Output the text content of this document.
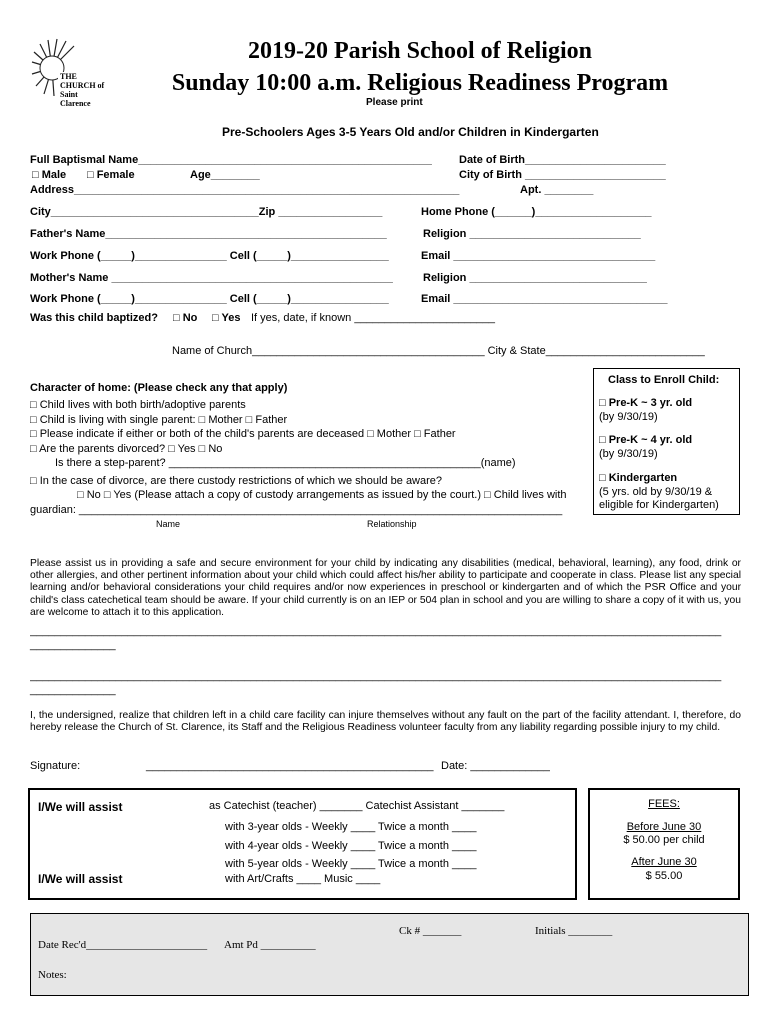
THE CHURCH of Saint Clarence
2019-20 Parish School of Religion
Sunday 10:00 a.m. Religious Readiness Program
Please print
Pre-Schoolers Ages 3-5 Years Old and/or Children in Kindergarten
Full Baptismal Name________________________________________________ Date of Birth_______________________
□ Male □ Female	Age________	City of Birth _______________________
Address_______________________________________________________________	Apt. ________
City__________________________________Zip _________________	Home Phone (______)___________________
Father's Name______________________________________________	Religion ____________________________
Work Phone (_____)_______________ Cell (_____)________________	Email _________________________________
Mother's Name ______________________________________________	Religion _____________________________
Work Phone (_____)_______________ Cell (_____)________________	Email ___________________________________
Was this child baptized? □ No □ Yes If yes, date, if known _______________________
Name of Church______________________________________ City & State__________________________
Character of home: (Please check any that apply)
□ Child lives with both birth/adoptive parents
□ Child is living with single parent: □ Mother □ Father
□ Please indicate if either or both of the child's parents are deceased □ Mother □ Father
□ Are the parents divorced? □ Yes □ No
Is there a step-parent? ___________________________________________________(name)
□ In the case of divorce, are there custody restrictions of which we should be aware?
□ No □ Yes (Please attach a copy of custody arrangements as issued by the court.) □ Child lives with
guardian: _______________________________________________________________________________
Name	Relationship
Class to Enroll Child:
□ Pre-K ~ 3 yr. old
(by 9/30/19)
□ Pre-K ~ 4 yr. old
(by 9/30/19)
□ Kindergarten
(5 yrs. old by 9/30/19 &
eligible for Kindergarten)
Please assist us in providing a safe and secure environment for your child by indicating any disabilities (medical, behavioral, learning), any food, drink or other allergies, and other pertinent information about your child which could affect his/her ability to participate and cooperate in class. Please list any special learning and/or behavioral considerations your child requires and/or now experiences in preschool or kindergarten and of which the PSR Office and your child's class catechetical team should be aware. If your child currently is on an IEP or 504 plan in school and you are willing to share a copy of it with us, you are welcome to attach it to this application.
_________________________________________________________________________________________________________________
______________
_________________________________________________________________________________________________________________
______________
I, the undersigned, realize that children left in a child care facility can injure themselves without any fault on the part of the facility attendant. I, therefore, do hereby release the Church of St. Clarence, its Staff and the Religious Readiness volunteer faculty from any liability regarding possible injury to my child.
Signature:	_______________________________________________ Date: _____________
I/We will assist	as Catechist (teacher) _______ Catechist Assistant _______
with 3-year olds - Weekly ____ Twice a month ____
with 4-year olds - Weekly ____ Twice a month ____
with 5-year olds - Weekly ____ Twice a month ____
I/We will assist	with Art/Crafts ____ Music ____
FEES:
Before June 30
$ 50.00 per child
After June 30
$ 55.00
Ck # _______	Initials ________
Date Rec'd______________________ Amt Pd __________
Notes:
